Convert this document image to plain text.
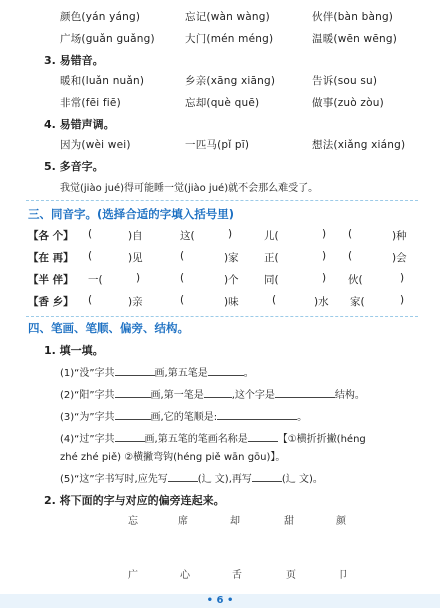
颜色(yán yáng)	忘记(wàn wàng)	伙伴(bàn bàng)
广场(guǎn guǎng)	大门(mén méng)	温暖(wēn wēng)
3. 易错音。
暖和(luǎn nuǎn)	乡亲(xāng xiāng)	告诉(sou su)
非常(fēi fiē)	忘却(què quē)	做事(zuò zòu)
4. 易错声调。
因为(wèi wei)	一匹马(pǐ pī)	想法(xiǎng xiáng)
5. 多音字。
我觉(jiào jué)得可能睡一觉(jiào jué)就不会那么难受了。
三、同音字。(选择合适的字填入括号里)
【各 个】 (	)自	这(	)	儿(	) (	)种
【在 再】 (	)见	(	)家 正(	) (	)会
【半 伴】 一(	)	(	)个 同(	) 伙(	)
【香 乡】 (	)亲	(	)味	(	)水 家(	)
四、笔画、笔顺、偏旁、结构。
1. 填一填。
(1)“没”字共	画,第五笔是	。
(2)“阳”字共	画,第一笔是	,这个字是	结构。
(3)“为”字共	画,它的笔顺是:	。
(4)“过”字共	画,第五笔的笔画名称是	【①横折折撇(héng
zhé zhé piě) ②横撇弯钩(héng piě wān gōu)】。
(5)“这”字书写时,应先写	(辶 文),再写	(辶 文)。
2. 将下面的字与对应的偏旁连起来。
忘	席	却	甜	颜
广	心	舌	页	卩
• 6 •
